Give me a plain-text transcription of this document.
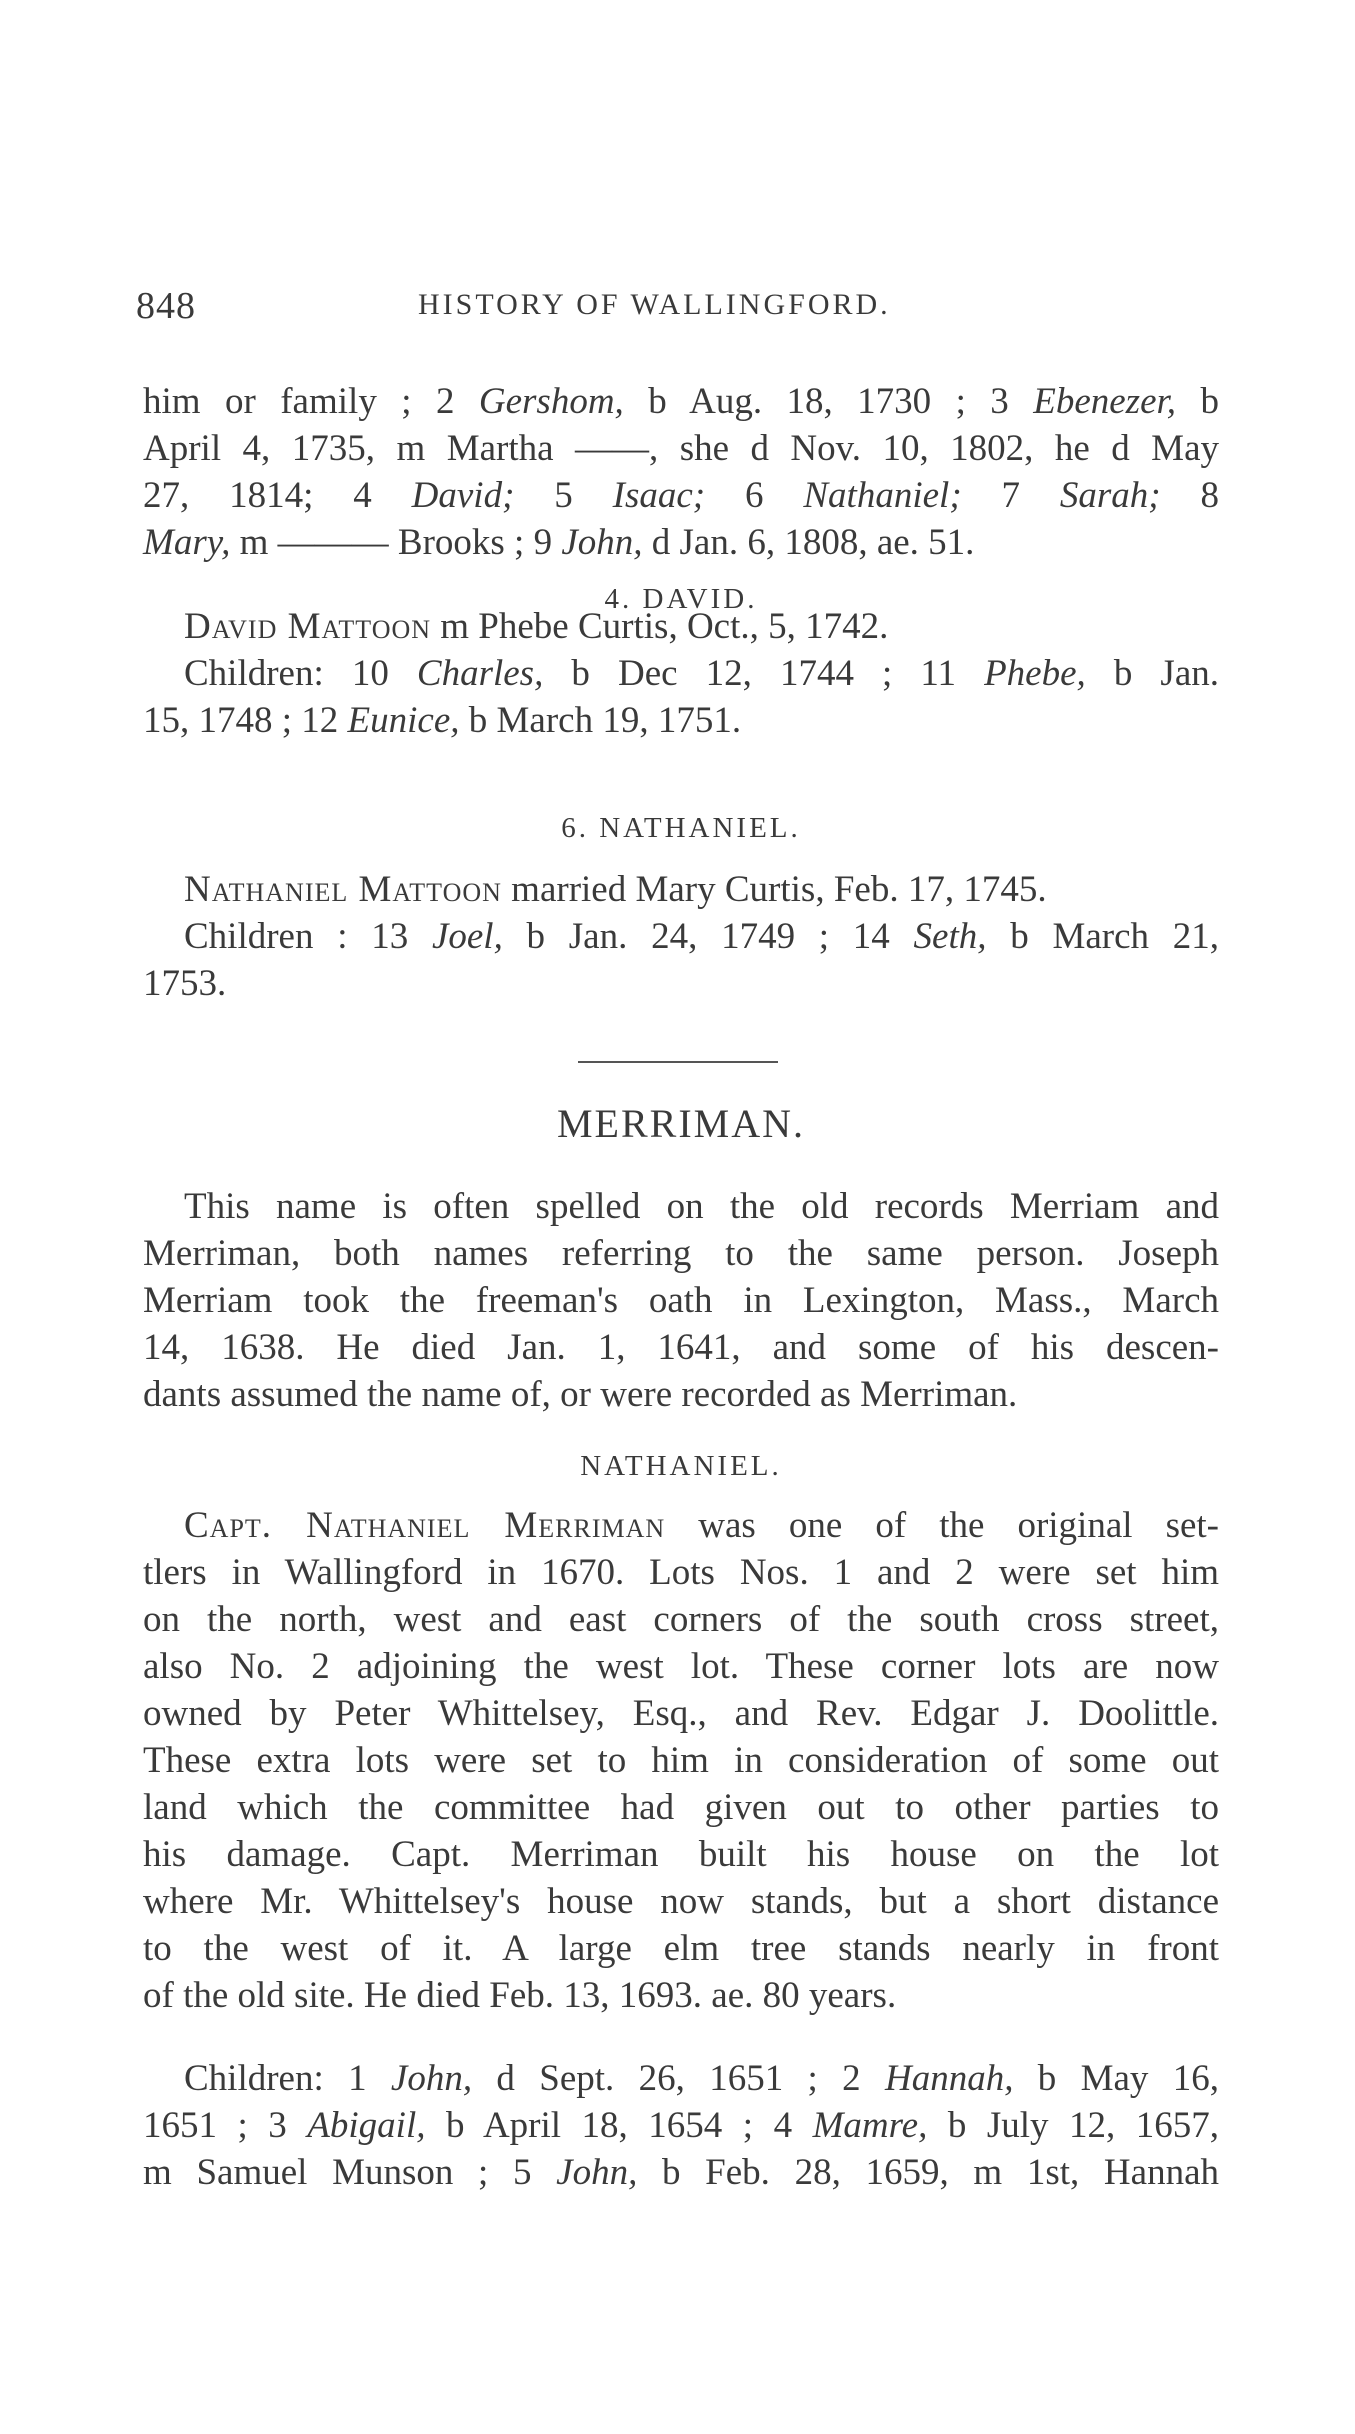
848	HISTORY OF WALLINGFORD.
him or family ; 2 Gershom, b Aug. 18, 1730 ; 3 Ebenezer, b
April 4, 1735, m Martha ——, she d Nov. 10, 1802, he d May
27, 1814; 4 David; 5 Isaac; 6 Nathaniel; 7 Sarah; 8
Mary, m ——— Brooks ; 9 John, d Jan. 6, 1808, ae. 51.
4. DAVID.
David Mattoon m Phebe Curtis, Oct., 5, 1742.
Children: 10 Charles, b Dec 12, 1744 ; 11 Phebe, b Jan.
15, 1748 ; 12 Eunice, b March 19, 1751.
6. NATHANIEL.
Nathaniel Mattoon married Mary Curtis, Feb. 17, 1745.
Children : 13 Joel, b Jan. 24, 1749 ; 14 Seth, b March 21,
1753.
MERRIMAN.
This name is often spelled on the old records Merriam and
Merriman, both names referring to the same person. Joseph
Merriam took the freeman's oath in Lexington, Mass., March
14, 1638. He died Jan. 1, 1641, and some of his descen-
dants assumed the name of, or were recorded as Merriman.
NATHANIEL.
Capt. Nathaniel Merriman was one of the original set-
tlers in Wallingford in 1670. Lots Nos. 1 and 2 were set him
on the north, west and east corners of the south cross street,
also No. 2 adjoining the west lot. These corner lots are now
owned by Peter Whittelsey, Esq., and Rev. Edgar J. Doolittle.
These extra lots were set to him in consideration of some out
land which the committee had given out to other parties to
his damage. Capt. Merriman built his house on the lot
where Mr. Whittelsey's house now stands, but a short distance
to the west of it. A large elm tree stands nearly in front
of the old site. He died Feb. 13, 1693. ae. 80 years.
Children: 1 John, d Sept. 26, 1651 ; 2 Hannah, b May 16,
1651 ; 3 Abigail, b April 18, 1654 ; 4 Mamre, b July 12, 1657,
m Samuel Munson ; 5 John, b Feb. 28, 1659, m 1st, Hannah
